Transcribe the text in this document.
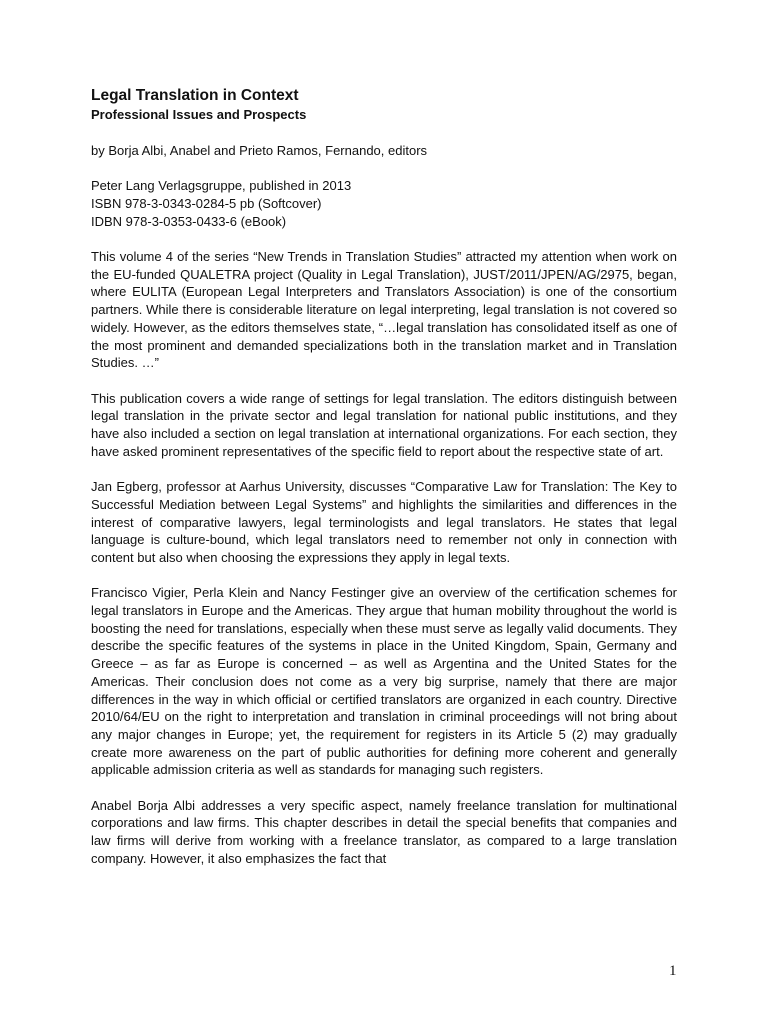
Legal Translation in Context
Professional Issues and Prospects

by Borja Albi, Anabel and Prieto Ramos, Fernando, editors

Peter Lang Verlagsgruppe, published in 2013

ISBN 978-3-0343-0284-5 pb (Softcover)

IDBN 978-3-0353-0433-6 (eBook)

This volume 4 of the series “New Trends in Translation Studies” attracted my attention when work on the EU-funded QUALETRA project (Quality in Legal Translation), JUST/2011/JPEN/AG/2975, began, where EULITA (European Legal Interpreters and Translators Association) is one of the consortium partners. While there is considerable literature on legal interpreting, legal translation is not covered so widely. However, as the editors themselves state, “…legal translation has consolidated itself as one of the most prominent and demanded specializations both in the translation market and in Translation Studies. …”

This publication covers a wide range of settings for legal translation. The editors distinguish between legal translation in the private sector and legal translation for national public institutions, and they have also included a section on legal translation at international organizations. For each section, they have asked prominent representatives of the specific field to report about the respective state of art.

Jan Egberg, professor at Aarhus University, discusses “Comparative Law for Translation: The Key to Successful Mediation between Legal Systems” and highlights the similarities and differences in the interest of comparative lawyers, legal terminologists and legal translators. He states that legal language is culture-bound, which legal translators need to remember not only in connection with content but also when choosing the expressions they apply in legal texts.

Francisco Vigier, Perla Klein and Nancy Festinger give an overview of the certification schemes for legal translators in Europe and the Americas. They argue that human mobility throughout the world is boosting the need for translations, especially when these must serve as legally valid documents. They describe the specific features of the systems in place in the United Kingdom, Spain, Germany and Greece – as far as Europe is concerned – as well as Argentina and the United States for the Americas. Their conclusion does not come as a very big surprise, namely that there are major differences in the way in which official or certified translators are organized in each country. Directive 2010/64/EU on the right to interpretation and translation in criminal proceedings will not bring about any major changes in Europe; yet, the requirement for registers in its Article 5 (2) may gradually create more awareness on the part of public authorities for defining more coherent and generally applicable admission criteria as well as standards for managing such registers.

Anabel Borja Albi addresses a very specific aspect, namely freelance translation for multinational corporations and law firms. This chapter describes in detail the special benefits that companies and law firms will derive from working with a freelance translator, as compared to a large translation company. However, it also emphasizes the fact that

1
